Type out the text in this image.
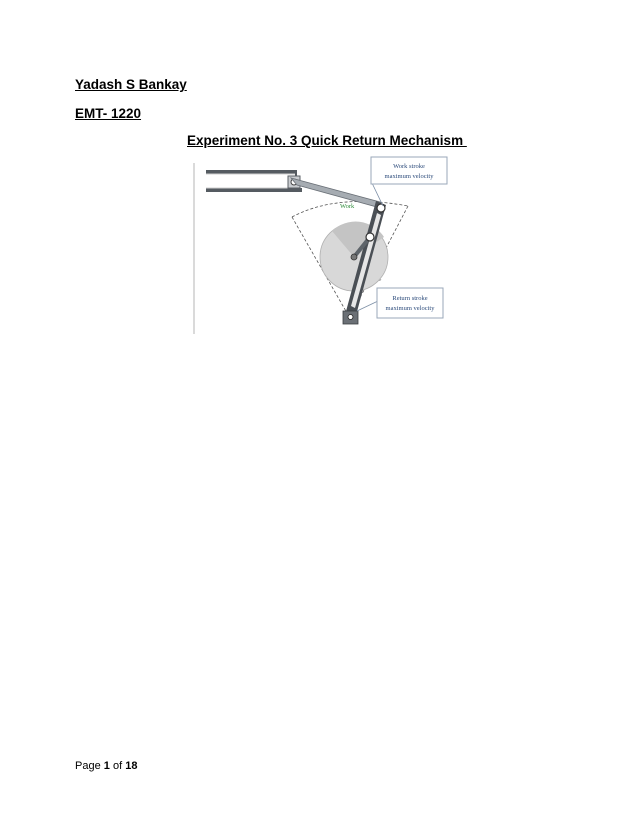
Yadash S Bankay
EMT- 1220
Experiment No. 3 Quick Return Mechanism
Work
Work stroke
maximum velocity
Return stroke
maximum velocity
Page 1 of 18
